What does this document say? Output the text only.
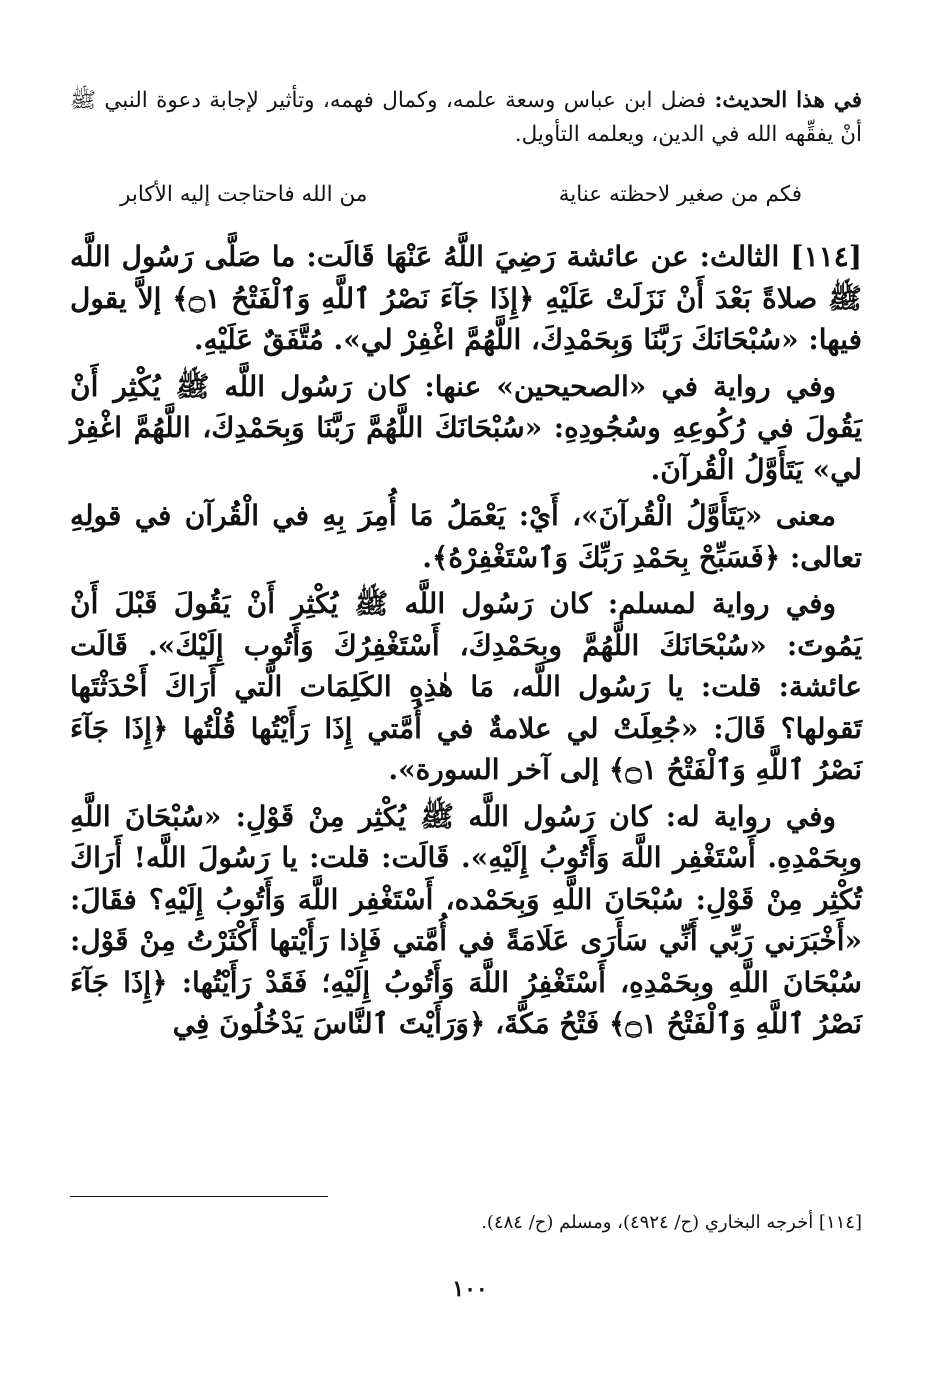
في هذا الحديث: فضل ابن عباس وسعة علمه، وكمال فهمه، وتأثير لإجابة دعوة النبي ﷺ أنْ يفقِّهه الله في الدين، ويعلمه التأويل.
فكم من صغير لاحظته عناية
من الله فاحتاجت إليه الأكابر

[١١٤] الثالث: عن عائشة رَضِيَ اللَّهُ عَنْهَا قَالَت: ما صَلَّى رَسُول اللَّه ﷺ صلاةً بَعْدَ أَنْ نَزَلَتْ عَلَيْهِ ﴿إِذَا جَآءَ نَصْرُ ٱللَّهِ وَٱلْفَتْحُ ۝١﴾ إلاَّ يقول فيها: «سُبْحَانَكَ رَبَّنَا وَبِحَمْدِكَ، اللَّهُمَّ اغْفِرْ لي». مُتَّفَقٌ عَلَيْهِ.

وفي رواية في «الصحيحين» عنها: كان رَسُول اللَّه ﷺ يُكْثِر أَنْ يَقُولَ في رُكُوعِهِ وسُجُودِهِ: «سُبْحَانَكَ اللَّهُمَّ رَبَّنَا وَبِحَمْدِكَ، اللَّهُمَّ اغْفِرْ لي» يَتَأَوَّلُ الْقُرآنَ.

معنى «يَتَأَوَّلُ الْقُرآنَ»، أَيْ: يَعْمَلُ مَا أُمِرَ بِهِ في الْقُرآن في قولِهِ تعالى: ﴿فَسَبِّحْ بِحَمْدِ رَبِّكَ وَٱسْتَغْفِرْهُ﴾.

وفي رواية لمسلم: كان رَسُول اللَّه ﷺ يُكْثِر أَنْ يَقُولَ قَبْلَ أَنْ يَمُوتَ: «سُبْحَانَكَ اللَّهُمَّ وبِحَمْدِكَ، أَسْتَغْفِرُكَ وَأَتُوب إِلَيْكَ». قَالَت عائشة: قلت: يا رَسُول اللَّه، مَا هٰذِهِ الكَلِمَات الَّتي أَرَاكَ أَحْدَثْتَها تَقولها؟ قَالَ: «جُعِلَتْ لي علامةٌ في أُمَّتي إِذَا رَأَيْتُها قُلْتُها ﴿إِذَا جَآءَ نَصْرُ ٱللَّهِ وَٱلْفَتْحُ ۝١﴾ إلى آخر السورة».

وفي رواية له: كان رَسُول اللَّه ﷺ يُكْثِر مِنْ قَوْلِ: «سُبْحَانَ اللَّهِ وبِحَمْدِهِ. أَسْتَغْفِر اللَّهَ وَأَتُوبُ إِلَيْهِ». قَالَت: قلت: يا رَسُولَ اللَّه! أَرَاكَ تُكْثِر مِنْ قَوْلِ: سُبْحَانَ اللَّهِ وَبِحَمْده، أَسْتَغْفِر اللَّهَ وَأَتُوبُ إِلَيْهِ؟ فقَالَ: «أَخْبَرَني رَبِّي أَنِّي سَأَرَى عَلَامَةً في أُمَّتي فَإِذا رَأَيْتها أَكْثَرْتُ مِنْ قَوْل: سُبْحَانَ اللَّهِ وبِحَمْدِهِ، أَسْتَغْفِرُ اللَّهَ وَأَتُوبُ إِلَيْهِ؛ فَقَدْ رَأَيْتُها: ﴿إِذَا جَآءَ نَصْرُ ٱللَّهِ وَٱلْفَتْحُ ۝١﴾ فَتْحُ مَكَّةَ، ﴿وَرَأَيْتَ ٱلنَّاسَ يَدْخُلُونَ فِي

[١١٤] أخرجه البخاري (ح/ ٤٩٢٤)، ومسلم (ح/ ٤٨٤).
١٠٠
